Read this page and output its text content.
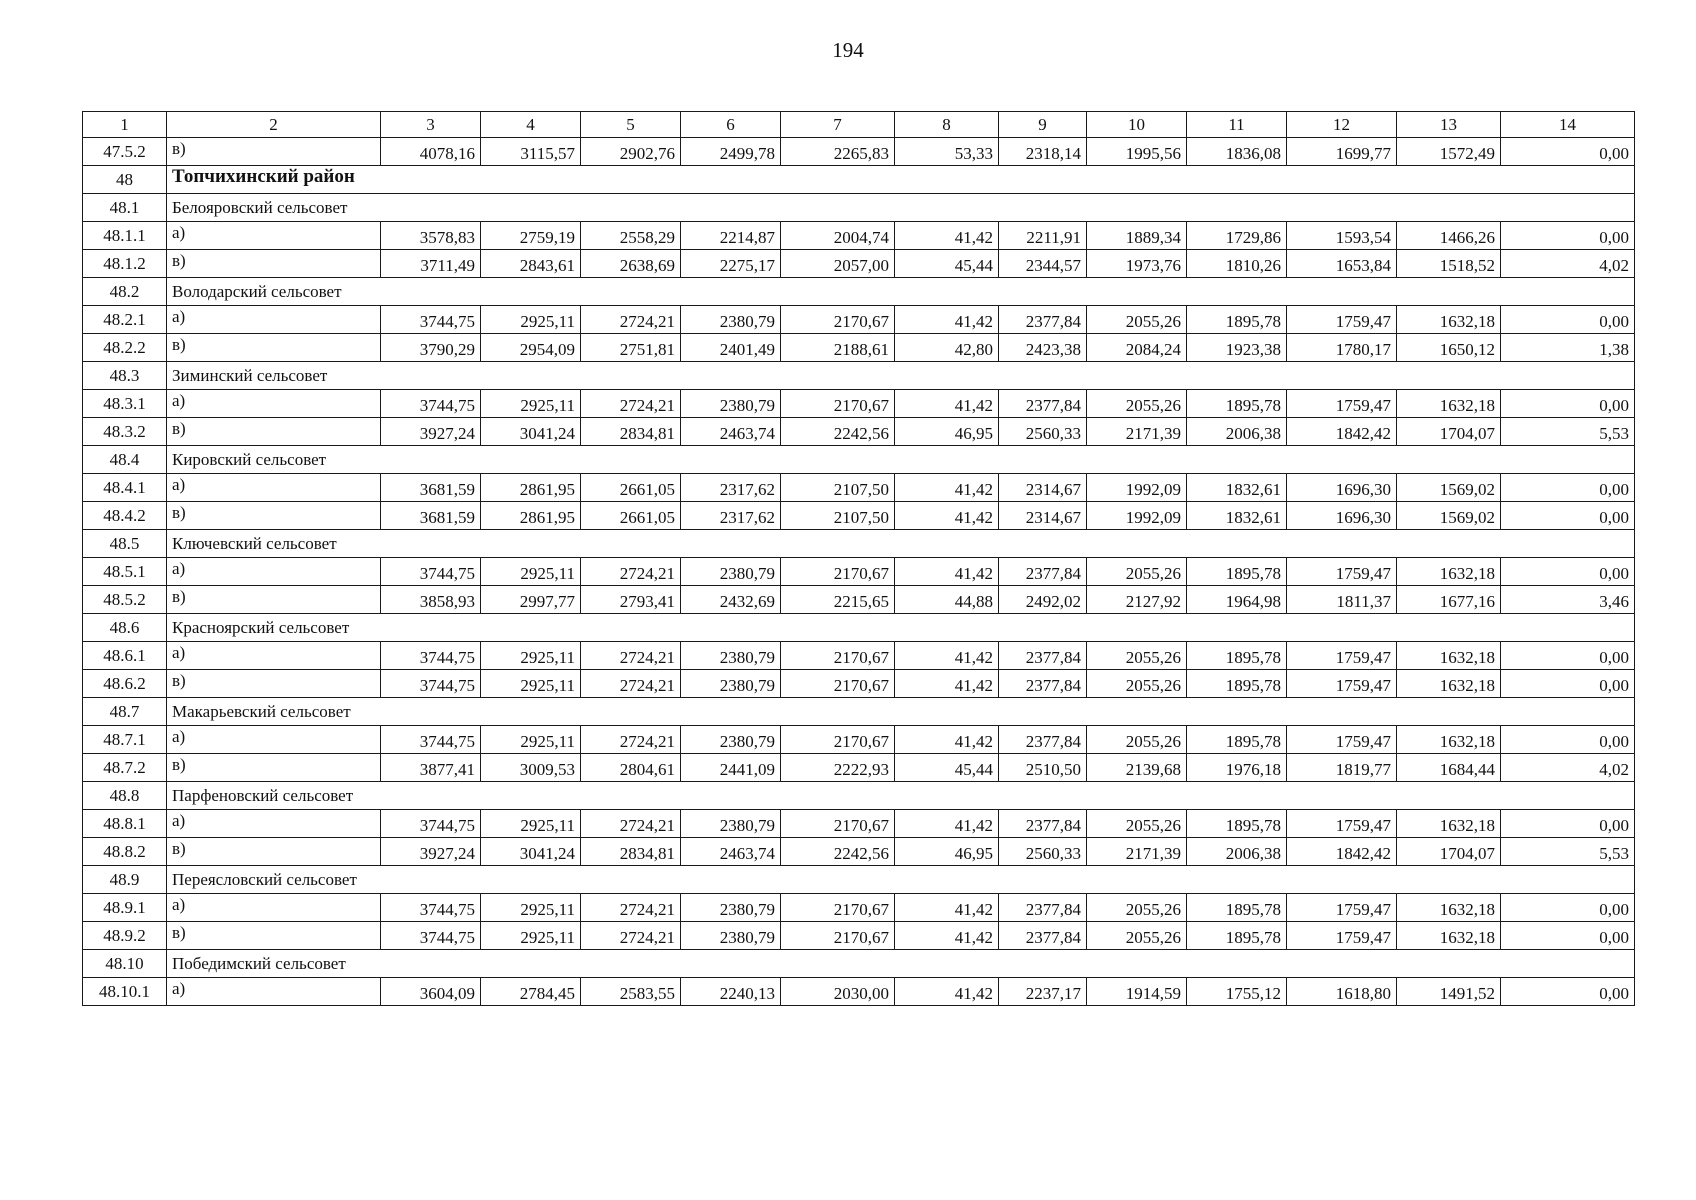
194
1	2	3	4	5	6	7	8	9	10	11	12	13	14
47.5.2	в)	4078,16	3115,57	2902,76	2499,78	2265,83	53,33	2318,14	1995,56	1836,08	1699,77	1572,49	0,00
48	Топчихинский район												
48.1	Белояровский сельсовет												
48.1.1	а)	3578,83	2759,19	2558,29	2214,87	2004,74	41,42	2211,91	1889,34	1729,86	1593,54	1466,26	0,00
48.1.2	в)	3711,49	2843,61	2638,69	2275,17	2057,00	45,44	2344,57	1973,76	1810,26	1653,84	1518,52	4,02
48.2	Володарский сельсовет												
48.2.1	а)	3744,75	2925,11	2724,21	2380,79	2170,67	41,42	2377,84	2055,26	1895,78	1759,47	1632,18	0,00
48.2.2	в)	3790,29	2954,09	2751,81	2401,49	2188,61	42,80	2423,38	2084,24	1923,38	1780,17	1650,12	1,38
48.3	Зиминский сельсовет												
48.3.1	а)	3744,75	2925,11	2724,21	2380,79	2170,67	41,42	2377,84	2055,26	1895,78	1759,47	1632,18	0,00
48.3.2	в)	3927,24	3041,24	2834,81	2463,74	2242,56	46,95	2560,33	2171,39	2006,38	1842,42	1704,07	5,53
48.4	Кировский сельсовет												
48.4.1	а)	3681,59	2861,95	2661,05	2317,62	2107,50	41,42	2314,67	1992,09	1832,61	1696,30	1569,02	0,00
48.4.2	в)	3681,59	2861,95	2661,05	2317,62	2107,50	41,42	2314,67	1992,09	1832,61	1696,30	1569,02	0,00
48.5	Ключевский сельсовет												
48.5.1	а)	3744,75	2925,11	2724,21	2380,79	2170,67	41,42	2377,84	2055,26	1895,78	1759,47	1632,18	0,00
48.5.2	в)	3858,93	2997,77	2793,41	2432,69	2215,65	44,88	2492,02	2127,92	1964,98	1811,37	1677,16	3,46
48.6	Красноярский сельсовет												
48.6.1	а)	3744,75	2925,11	2724,21	2380,79	2170,67	41,42	2377,84	2055,26	1895,78	1759,47	1632,18	0,00
48.6.2	в)	3744,75	2925,11	2724,21	2380,79	2170,67	41,42	2377,84	2055,26	1895,78	1759,47	1632,18	0,00
48.7	Макарьевский сельсовет												
48.7.1	а)	3744,75	2925,11	2724,21	2380,79	2170,67	41,42	2377,84	2055,26	1895,78	1759,47	1632,18	0,00
48.7.2	в)	3877,41	3009,53	2804,61	2441,09	2222,93	45,44	2510,50	2139,68	1976,18	1819,77	1684,44	4,02
48.8	Парфеновский сельсовет												
48.8.1	а)	3744,75	2925,11	2724,21	2380,79	2170,67	41,42	2377,84	2055,26	1895,78	1759,47	1632,18	0,00
48.8.2	в)	3927,24	3041,24	2834,81	2463,74	2242,56	46,95	2560,33	2171,39	2006,38	1842,42	1704,07	5,53
48.9	Переясловский сельсовет												
48.9.1	а)	3744,75	2925,11	2724,21	2380,79	2170,67	41,42	2377,84	2055,26	1895,78	1759,47	1632,18	0,00
48.9.2	в)	3744,75	2925,11	2724,21	2380,79	2170,67	41,42	2377,84	2055,26	1895,78	1759,47	1632,18	0,00
48.10	Победимский сельсовет												
48.10.1	а)	3604,09	2784,45	2583,55	2240,13	2030,00	41,42	2237,17	1914,59	1755,12	1618,80	1491,52	0,00
